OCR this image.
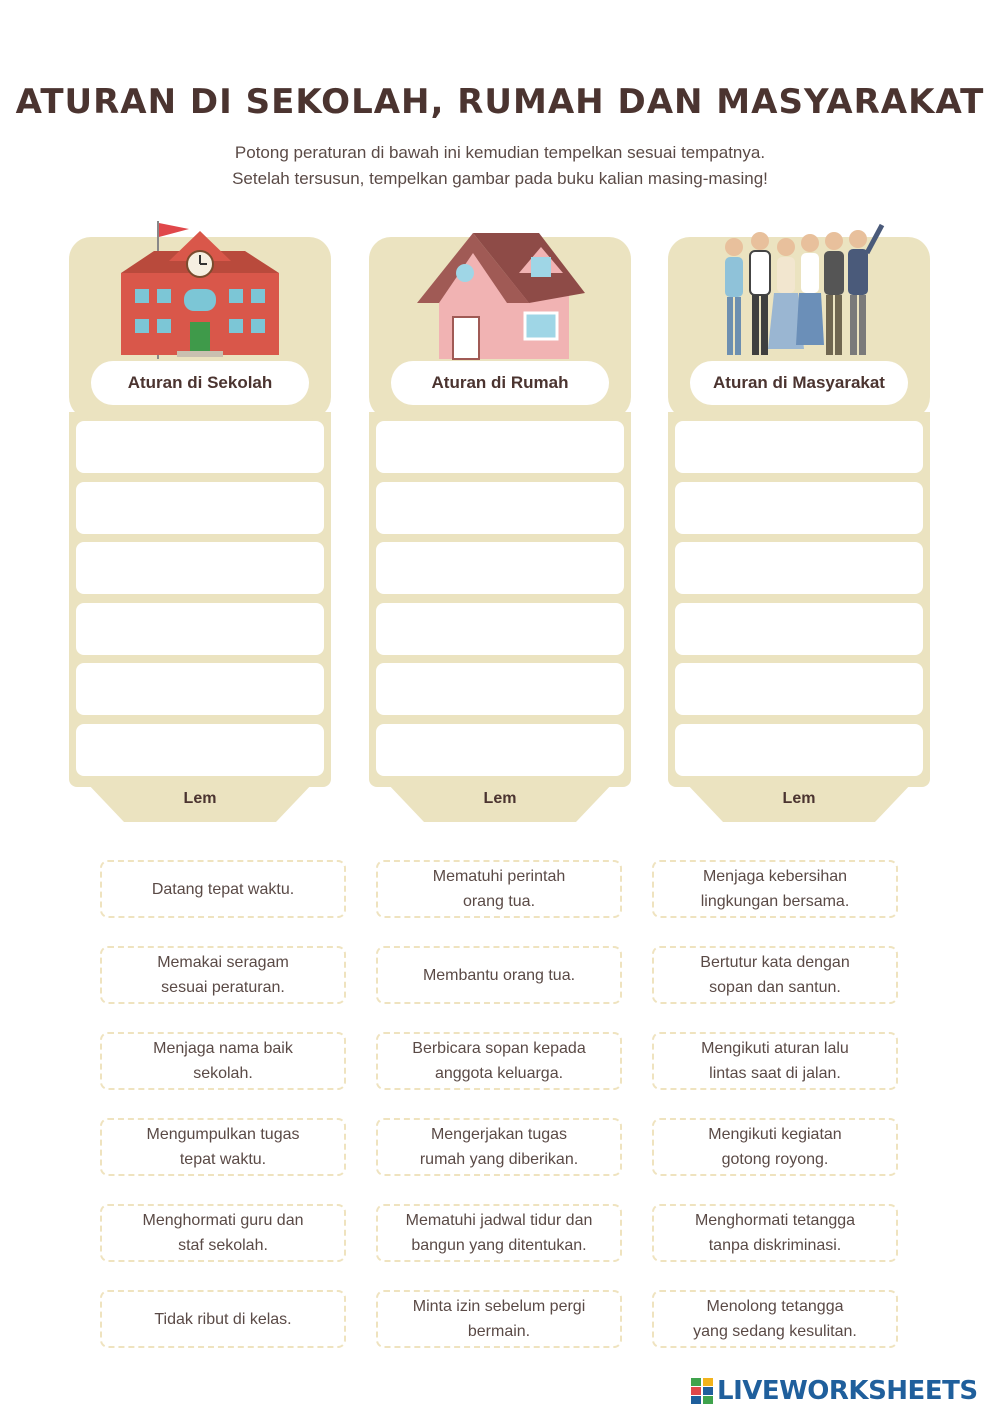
ATURAN DI SEKOLAH, RUMAH DAN MASYARAKAT
Potong peraturan di bawah ini kemudian tempelkan sesuai tempatnya.
Setelah tersusun, tempelkan gambar pada buku kalian masing-masing!
Aturan di Sekolah
Lem
Aturan di Rumah
Lem
Aturan di Masyarakat
Lem
Datang tepat waktu.
Memakai seragam
sesuai peraturan.
Menjaga nama baik
sekolah.
Mengumpulkan tugas
tepat waktu.
Menghormati guru dan
staf sekolah.
Tidak ribut di kelas.
Mematuhi perintah
orang tua.
Membantu orang tua.
Berbicara sopan kepada
anggota keluarga.
Mengerjakan tugas
rumah yang diberikan.
Mematuhi jadwal tidur dan
bangun yang ditentukan.
Minta izin sebelum pergi
bermain.
Menjaga kebersihan
lingkungan bersama.
Bertutur kata dengan
sopan dan santun.
Mengikuti aturan lalu
lintas saat di jalan.
Mengikuti kegiatan
gotong royong.
Menghormati tetangga
tanpa diskriminasi.
Menolong tetangga
yang sedang kesulitan.
LIVEWORKSHEETS
